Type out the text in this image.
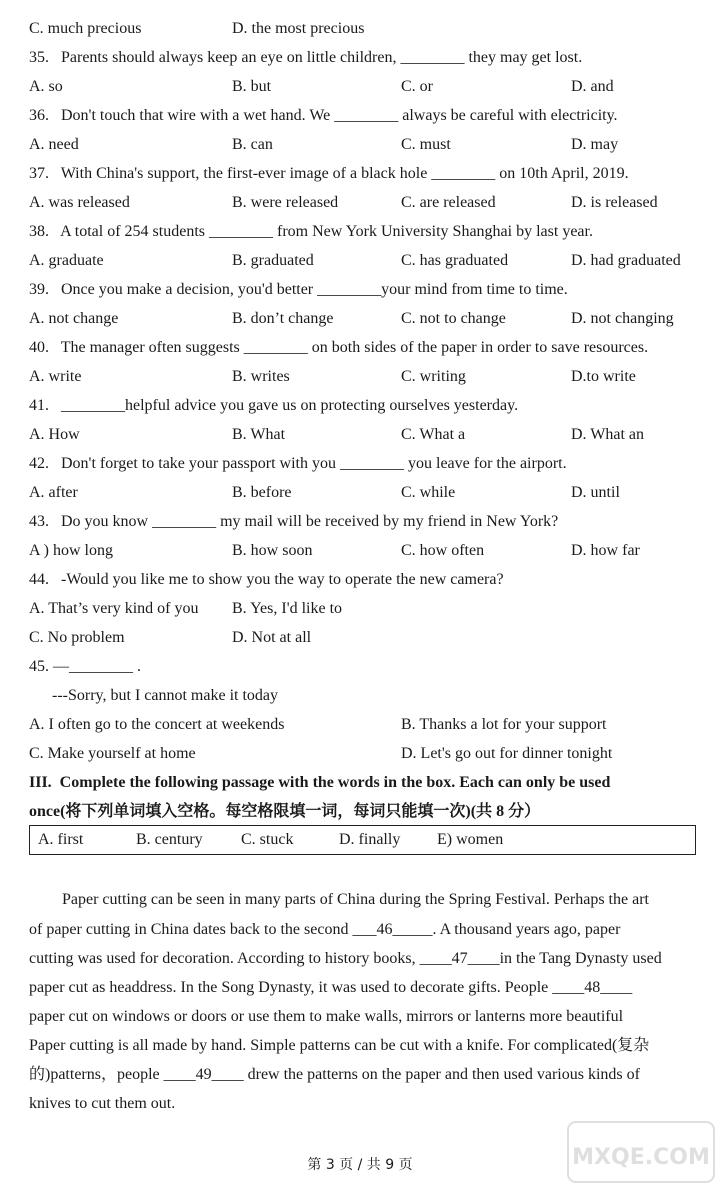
C. much precious	D. the most precious
35.   Parents should always keep an eye on little children, ________ they may get lost.
A. so	B. but	C. or	D. and
36.   Don't touch that wire with a wet hand. We ________ always be careful with electricity.
A. need	B. can	C. must	D. may
37.   With China's support, the first-ever image of a black hole ________ on 10th April, 2019.
A. was released	B. were released	C. are released	D. is released
38.   A total of 254 students ________ from New York University Shanghai by last year.
A. graduate	B. graduated	C. has graduated	D. had graduated
39.   Once you make a decision, you'd better ________your mind from time to time.
A. not change	B. don’t change	C. not to change	D. not changing
40.   The manager often suggests ________ on both sides of the paper in order to save resources.
A. write	B. writes	C. writing	D.to write
41.   ________helpful advice you gave us on protecting ourselves yesterday.
A. How	B. What	C. What a	D. What an
42.   Don't forget to take your passport with you ________ you leave for the airport.
A. after	B. before	C. while	D. until
43.   Do you know ________ my mail will be received by my friend in New York?
A ) how long	B. how soon	C. how often	D. how far
44.   -Would you like me to show you the way to operate the new camera?
A. That’s very kind of you B. Yes, I'd like to
C. No problem	D. Not at all
45. —________ .
---Sorry, but I cannot make it today
A. I often go to the concert at weekends	B. Thanks a lot for your support
C. Make yourself at home	D. Let's go out for dinner tonight
III.  Complete the following passage with the words in the box. Each can only be used
once(将下列单词填入空格。每空格限填一词，每词只能填一次)(共 8 分）
A. first	B. century C. stuck	D. finally E) women
Paper cutting can be seen in many parts of China during the Spring Festival. Perhaps the art
of paper cutting in China dates back to the second ___46_____. A thousand years ago, paper
cutting was used for decoration. According to history books, ____47____in the Tang Dynasty used
paper cut as headdress. In the Song Dynasty, it was used to decorate gifts. People ____48____
paper cut on windows or doors or use them to make walls, mirrors or lanterns more beautiful
Paper cutting is all made by hand. Simple patterns can be cut with a knife. For complicated(复杂
的)patterns，people ____49____ drew the patterns on the paper and then used various kinds of
knives to cut them out.
第 3 页 / 共 9 页	MXQE.COM
